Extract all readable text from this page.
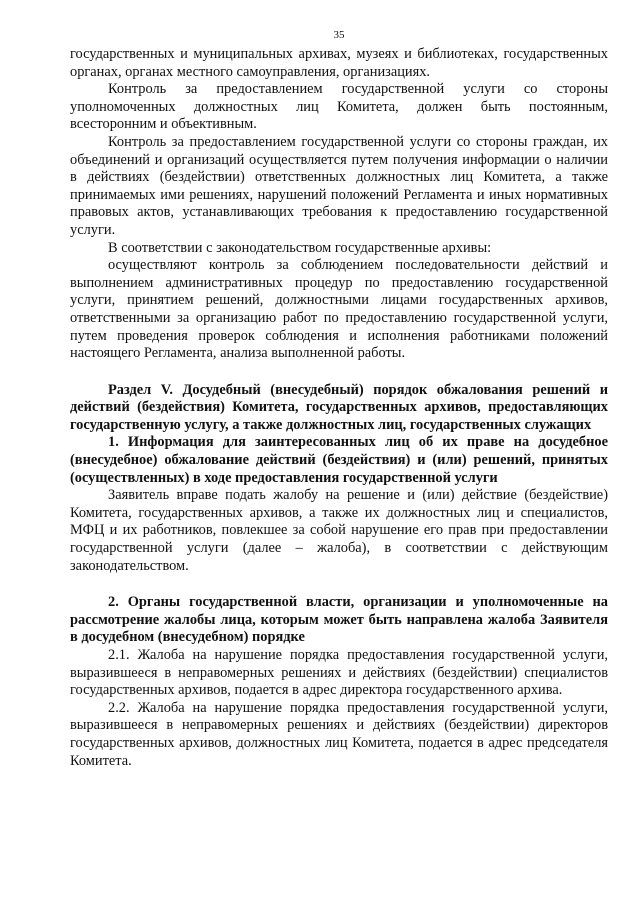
35

государственных и муниципальных архивах, музеях и библиотеках, государственных органах, органах местного самоуправления, организациях.

Контроль за предоставлением государственной услуги со стороны уполномоченных должностных лиц Комитета, должен быть постоянным, всесторонним и объективным.

Контроль за предоставлением государственной услуги со стороны граждан, их объединений и организаций осуществляется путем получения информации о наличии в действиях (бездействии) ответственных должностных лиц Комитета, а также принимаемых ими решениях, нарушений положений Регламента и иных нормативных правовых актов, устанавливающих требования к предоставлению государственной услуги.

В соответствии с законодательством государственные архивы:

осуществляют контроль за соблюдением последовательности действий и выполнением административных процедур по предоставлению государственной услуги, принятием решений, должностными лицами государственных архивов, ответственными за организацию работ по предоставлению государственной услуги, путем проведения проверок соблюдения и исполнения работниками положений настоящего Регламента, анализа выполненной работы.

Раздел V. Досудебный (внесудебный) порядок обжалования решений и действий (бездействия) Комитета, государственных архивов, предоставляющих государственную услугу, а также должностных лиц, государственных служащих

1. Информация для заинтересованных лиц об их праве на досудебное (внесудебное) обжалование действий (бездействия) и (или) решений, принятых (осуществленных) в ходе предоставления государственной услуги

Заявитель вправе подать жалобу на решение и (или) действие (бездействие) Комитета, государственных архивов, а также их должностных лиц и специалистов, МФЦ и их работников, повлекшее за собой нарушение его прав при предоставлении государственной услуги (далее – жалоба), в соответствии с действующим законодательством.

2. Органы государственной власти, организации и уполномоченные на рассмотрение жалобы лица, которым может быть направлена жалоба Заявителя в досудебном (внесудебном) порядке

2.1. Жалоба на нарушение порядка предоставления государственной услуги, выразившееся в неправомерных решениях и действиях (бездействии) специалистов государственных архивов, подается в адрес директора государственного архива.

2.2. Жалоба на нарушение порядка предоставления государственной услуги, выразившееся в неправомерных решениях и действиях (бездействии) директоров государственных архивов, должностных лиц Комитета, подается в адрес председателя Комитета.
